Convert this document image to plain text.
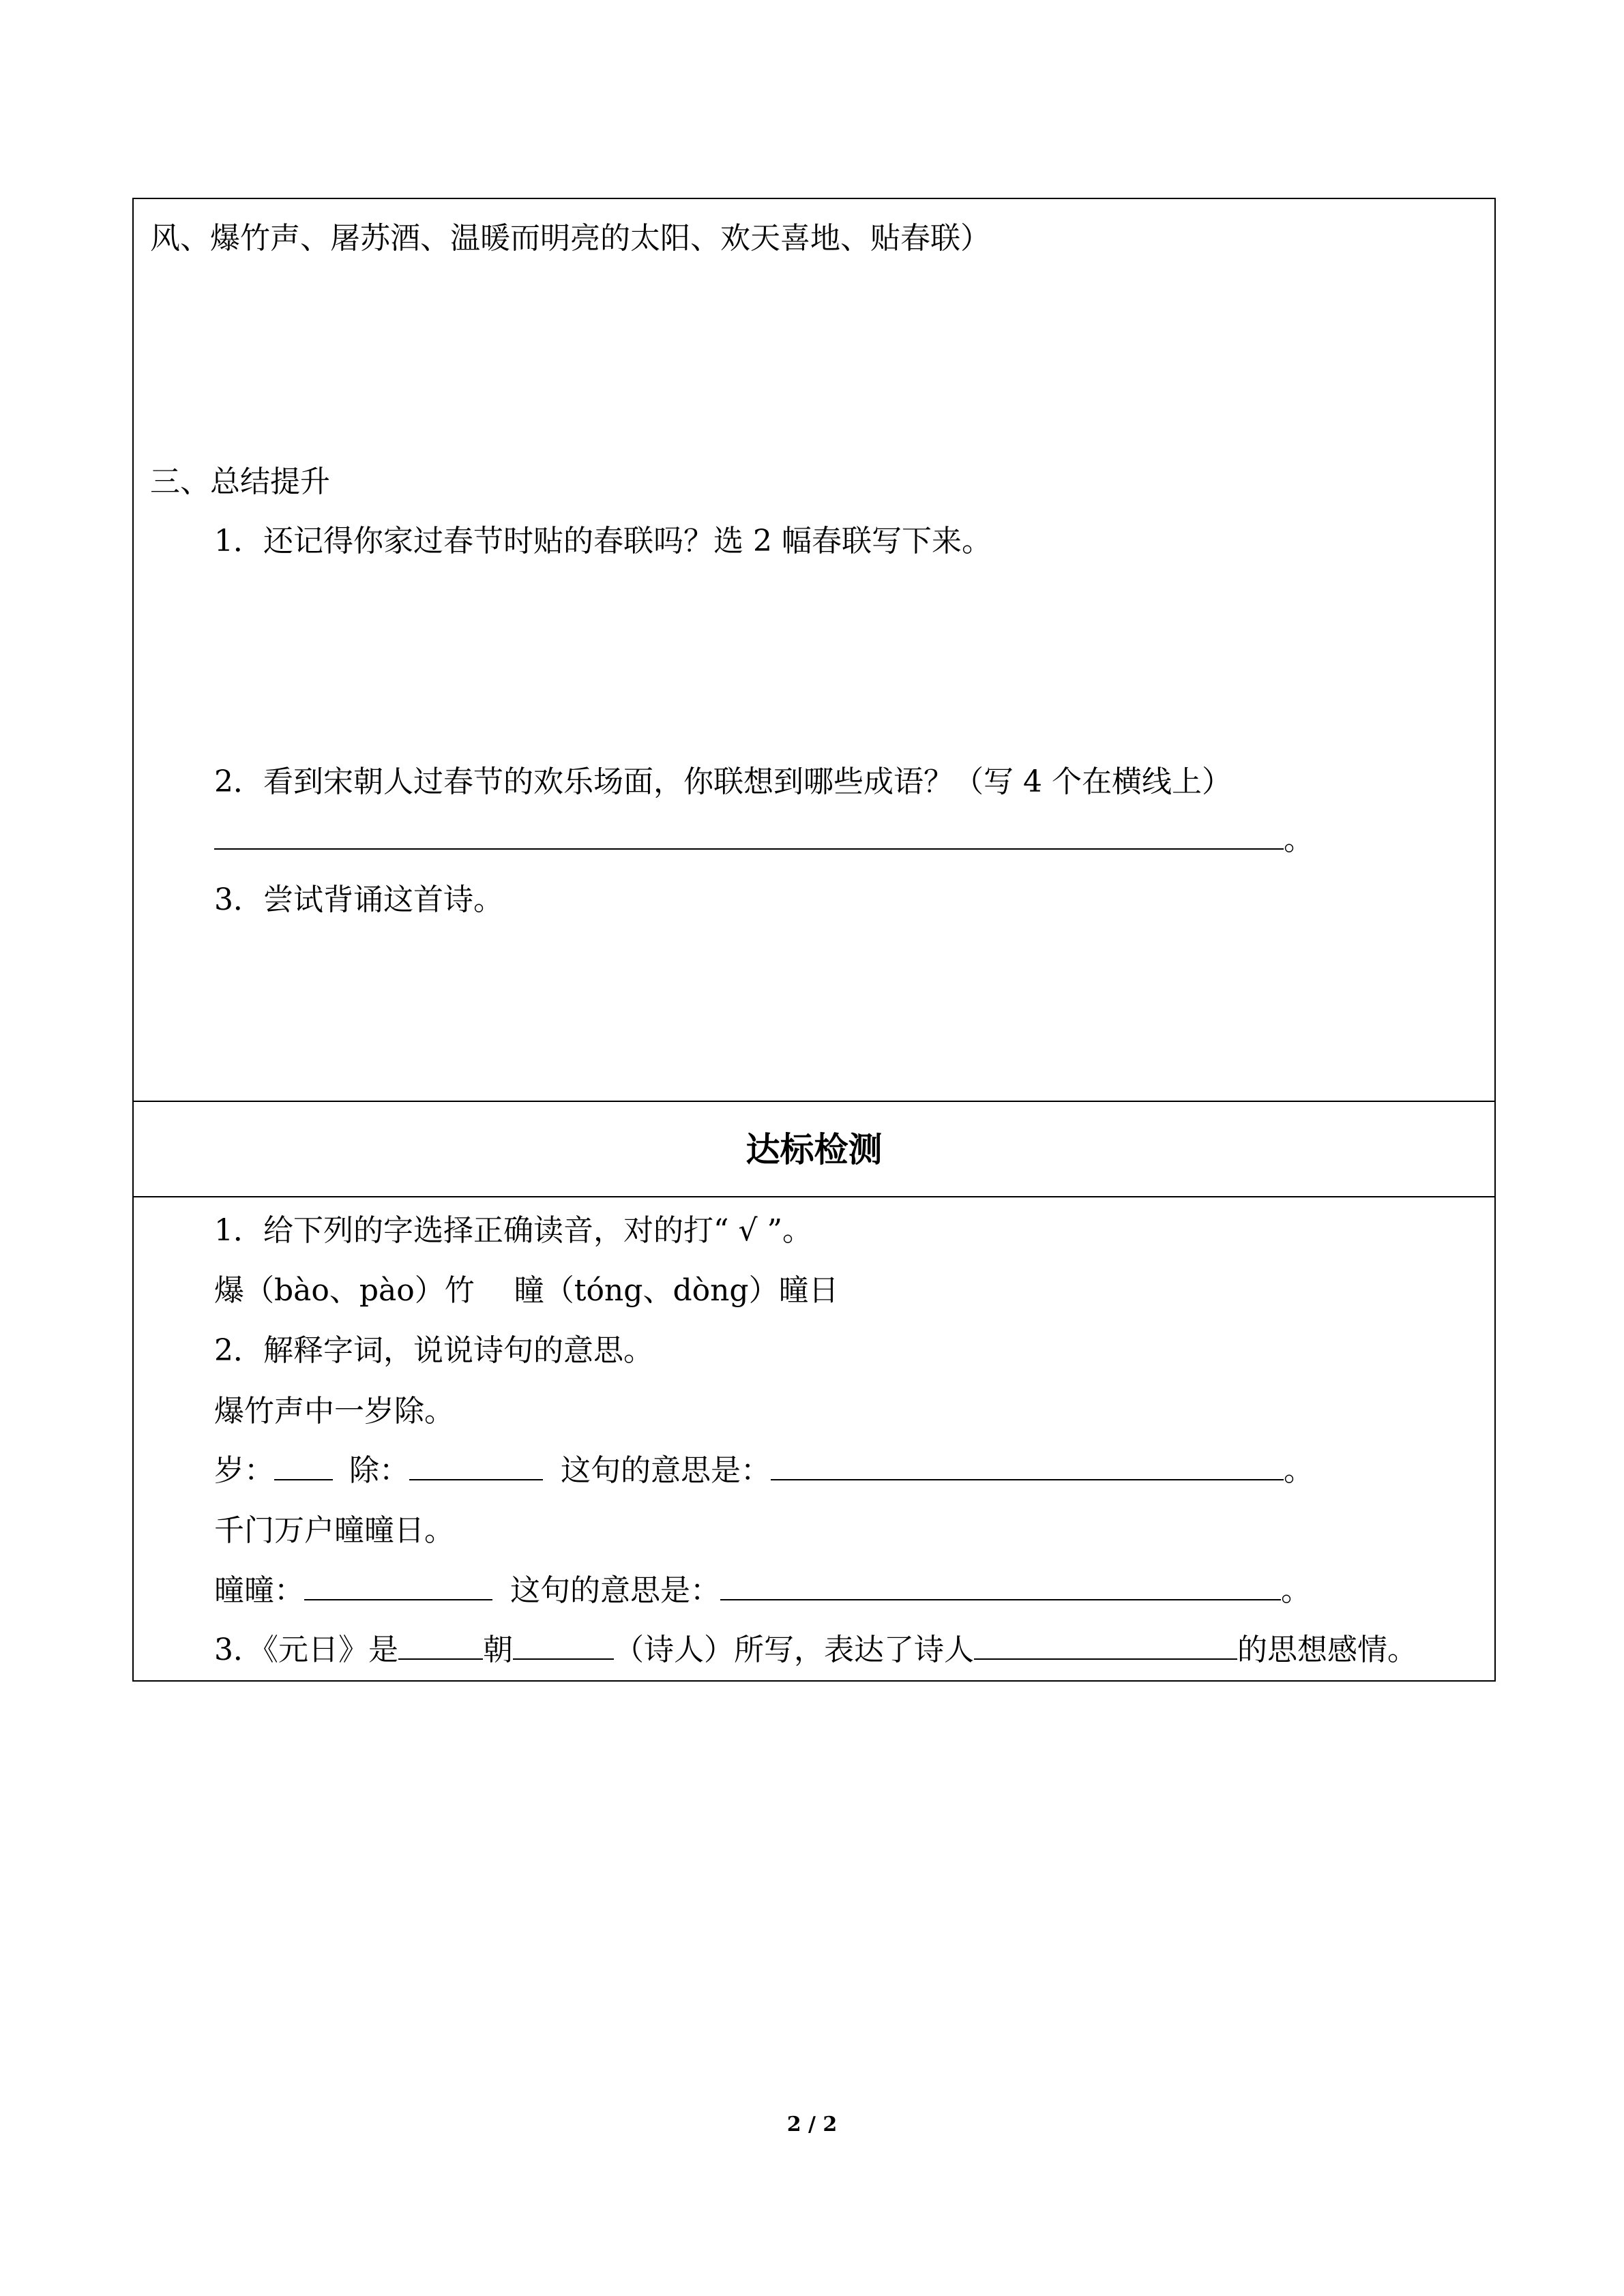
风、爆竹声、屠苏酒、温暖而明亮的太阳、欢天喜地、贴春联）
三、总结提升
1．还记得你家过春节时贴的春联吗？选 2 幅春联写下来。
2．看到宋朝人过春节的欢乐场面，你联想到哪些成语？（写 4 个在横线上）
。
3．尝试背诵这首诗。
达标检测
1．给下列的字选择正确读音，对的打“ √ ”。
爆（bào、pào）竹　 瞳（tóng、dòng）曈日
2．解释字词，说说诗句的意思。
爆竹声中一岁除。
岁：	除：	这句的意思是：	。
千门万户曈曈日。
曈曈：	这句的意思是：	。
3．《元日》是	朝	（诗人）所写，表达了诗人	的思想感情。
2 / 2
